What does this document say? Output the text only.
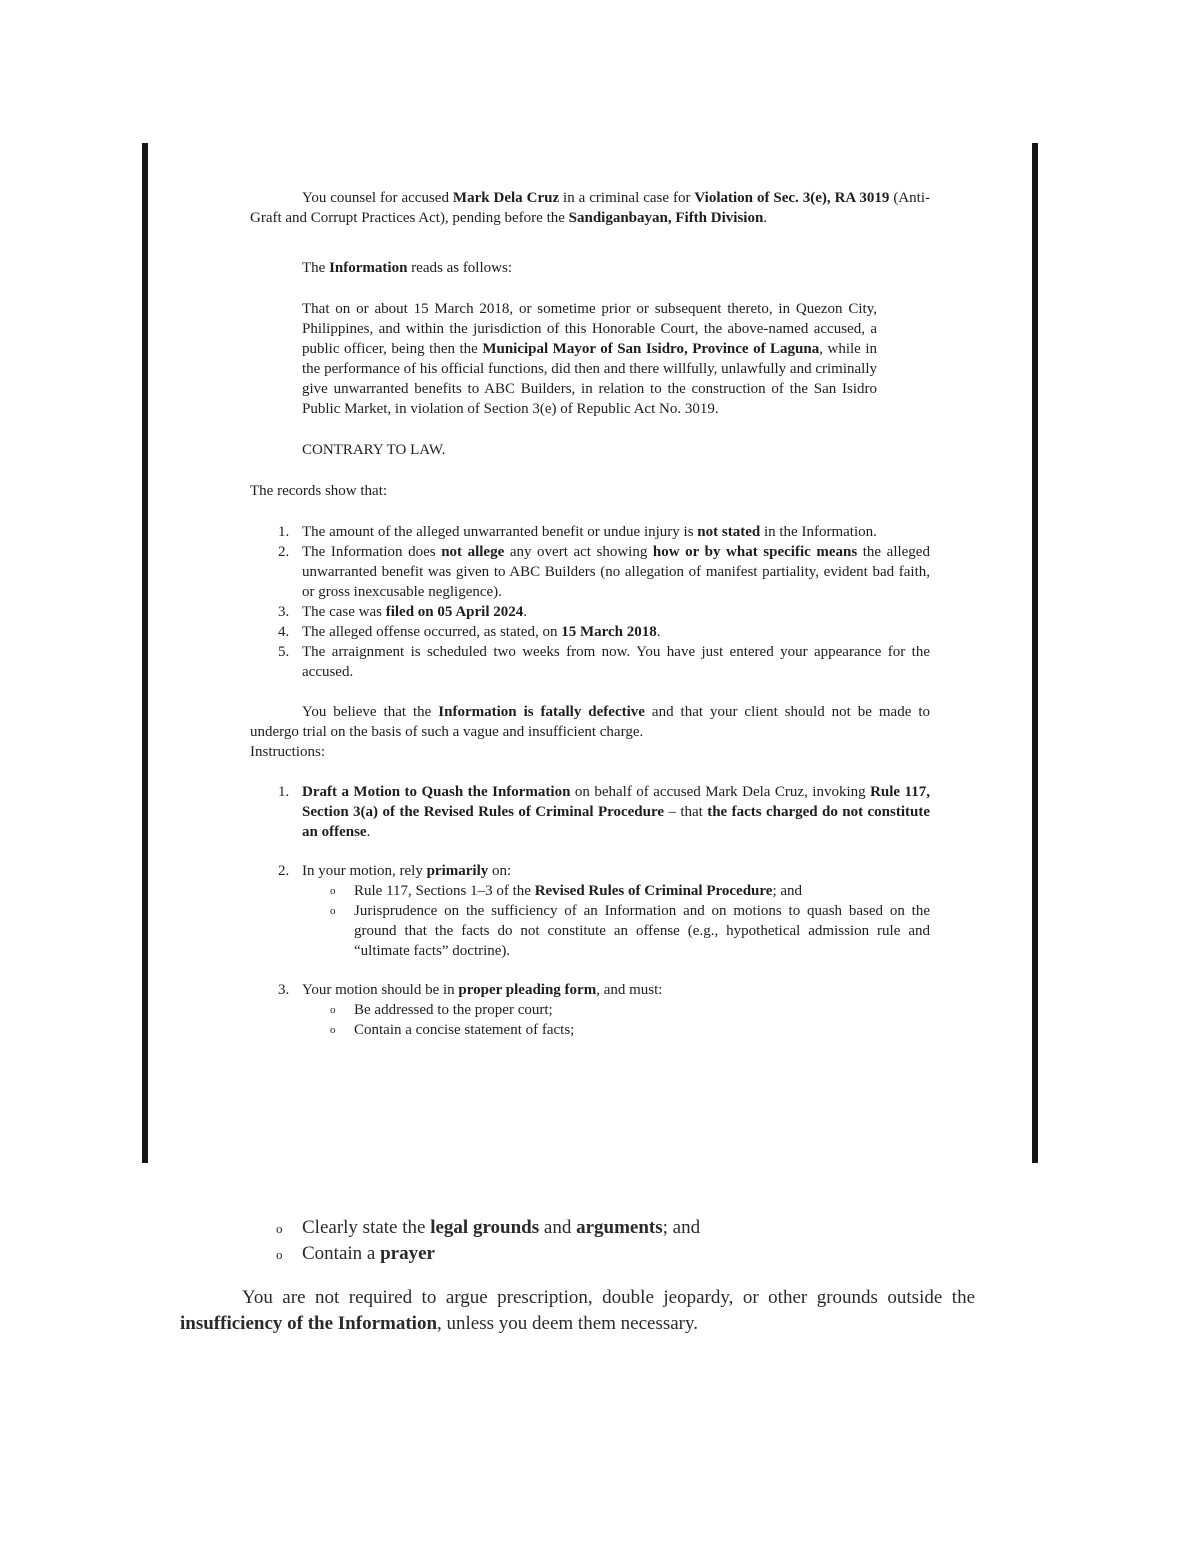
You counsel for accused Mark Dela Cruz in a criminal case for Violation of Sec. 3(e), RA 3019 (Anti-Graft and Corrupt Practices Act), pending before the Sandiganbayan, Fifth Division.

The Information reads as follows:

That on or about 15 March 2018, or sometime prior or subsequent thereto, in Quezon City, Philippines, and within the jurisdiction of this Honorable Court, the above-named accused, a public officer, being then the Municipal Mayor of San Isidro, Province of Laguna, while in the performance of his official functions, did then and there willfully, unlawfully and criminally give unwarranted benefits to ABC Builders, in relation to the construction of the San Isidro Public Market, in violation of Section 3(e) of Republic Act No. 3019.

CONTRARY TO LAW.

The records show that:

1. The amount of the alleged unwarranted benefit or undue injury is not stated in the Information.
2. The Information does not allege any overt act showing how or by what specific means the alleged unwarranted benefit was given to ABC Builders (no allegation of manifest partiality, evident bad faith, or gross inexcusable negligence).
3. The case was filed on 05 April 2024.
4. The alleged offense occurred, as stated, on 15 March 2018.
5. The arraignment is scheduled two weeks from now. You have just entered your appearance for the accused.

You believe that the Information is fatally defective and that your client should not be made to undergo trial on the basis of such a vague and insufficient charge.

Instructions:

1. Draft a Motion to Quash the Information on behalf of accused Mark Dela Cruz, invoking Rule 117, Section 3(a) of the Revised Rules of Criminal Procedure – that the facts charged do not constitute an offense.
2. In your motion, rely primarily on:
o Rule 117, Sections 1–3 of the Revised Rules of Criminal Procedure; and
o Jurisprudence on the sufficiency of an Information and on motions to quash based on the ground that the facts do not constitute an offense (e.g., hypothetical admission rule and “ultimate facts” doctrine).
3. Your motion should be in proper pleading form, and must:
o Be addressed to the proper court;
o Contain a concise statement of facts;
o Clearly state the legal grounds and arguments; and
o Contain a prayer

You are not required to argue prescription, double jeopardy, or other grounds outside the insufficiency of the Information, unless you deem them necessary.
